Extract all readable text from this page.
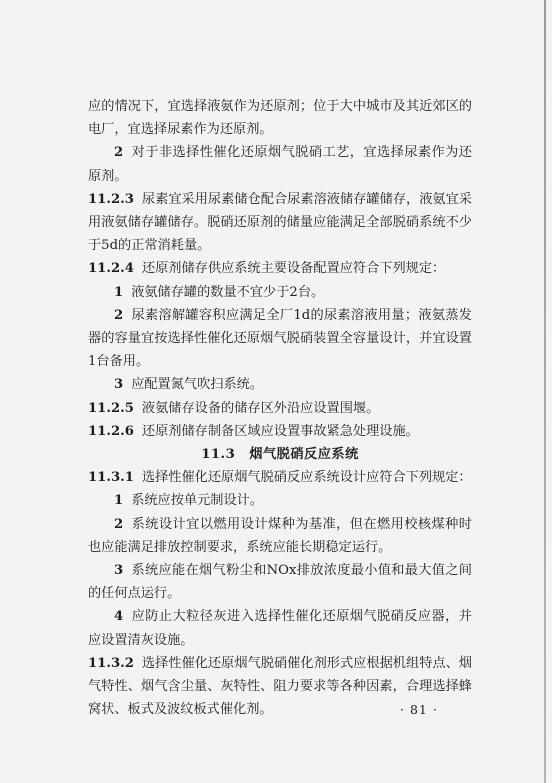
应的情况下，宜选择液氨作为还原剂；位于大中城市及其近郊区的电厂，宜选择尿素作为还原剂。

2 对于非选择性催化还原烟气脱硝工艺，宜选择尿素作为还原剂。

11.2.3 尿素宜采用尿素储仓配合尿素溶液储存罐储存，液氨宜采用液氨储存罐储存。脱硝还原剂的储量应能满足全部脱硝系统不少于5d的正常消耗量。

11.2.4 还原剂储存供应系统主要设备配置应符合下列规定：

1 液氨储存罐的数量不宜少于2台。

2 尿素溶解罐容积应满足全厂1d的尿素溶液用量；液氨蒸发器的容量宜按选择性催化还原烟气脱硝装置全容量设计，并宜设置1台备用。

3 应配置氮气吹扫系统。

11.2.5 液氨储存设备的储存区外沿应设置围堰。

11.2.6 还原剂储存制备区域应设置事故紧急处理设施。

11.3 烟气脱硝反应系统

11.3.1 选择性催化还原烟气脱硝反应系统设计应符合下列规定：

1 系统应按单元制设计。

2 系统设计宜以燃用设计煤种为基准，但在燃用校核煤种时也应能满足排放控制要求，系统应能长期稳定运行。

3 系统应能在烟气粉尘和NOx排放浓度最小值和最大值之间的任何点运行。

4 应防止大粒径灰进入选择性催化还原烟气脱硝反应器，并应设置清灰设施。

11.3.2 选择性催化还原烟气脱硝催化剂形式应根据机组特点、烟气特性、烟气含尘量、灰特性、阻力要求等各种因素，合理选择蜂窝状、板式及波纹板式催化剂。	· 81 ·
